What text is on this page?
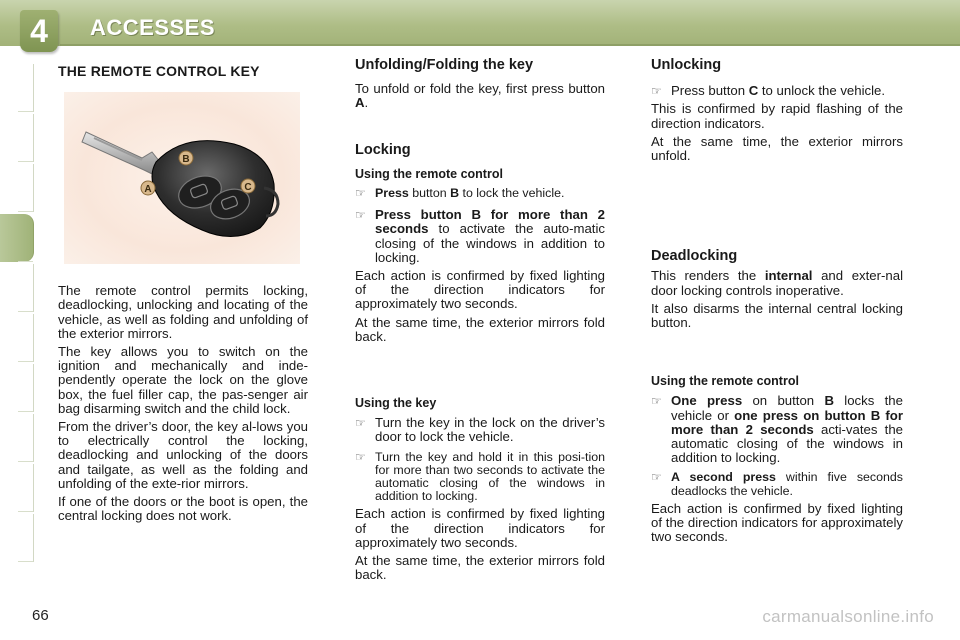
4	ACCESSES
THE REMOTE CONTROL KEY

The remote control permits locking, deadlocking, unlocking and locating of the vehicle, as well as folding and unfolding of the exterior mirrors.

The key allows you to switch on the ignition and mechanically and inde-pendently operate the lock on the glove box, the fuel filler cap, the pas-senger air bag disarming switch and the child lock.

From the driver’s door, the key al-lows you to electrically control the locking, deadlocking and unlocking of the doors and tailgate, as well as the folding and unfolding of the exte-rior mirrors.

If one of the doors or the boot is open, the central locking does not work.

B
A	C
Unfolding/Folding the key

To unfold or fold the key, first press button A.

Locking
Using the remote control
☞ Press button B to lock the vehicle.
☞ Press button B for more than 2 seconds to activate the auto-matic closing of the windows in addition to locking.

Each action is confirmed by fixed lighting of the direction indicators for approximately two seconds.

At the same time, the exterior mirrors fold back.

Using the key
☞ Turn the key in the lock on the driver’s door to lock the vehicle.
☞ Turn the key and hold it in this posi-tion for more than two seconds to activate the automatic closing of the windows in addition to locking.

Each action is confirmed by fixed lighting of the direction indicators for approximately two seconds.

At the same time, the exterior mirrors fold back.

Unlocking
☞ Press button C to unlock the vehicle.

This is confirmed by rapid flashing of the direction indicators.

At the same time, the exterior mirrors unfold.

Deadlocking

This renders the internal and exter-nal door locking controls inoperative.

It also disarms the internal central locking button.

Using the remote control
☞ One press on button B locks the vehicle or one press on button B for more than 2 seconds acti-vates the automatic closing of the windows in addition to locking.
☞ A second press within five seconds deadlocks the vehicle.

Each action is confirmed by fixed lighting of the direction indicators for approximately two seconds.

66	carmanualsonline.info
